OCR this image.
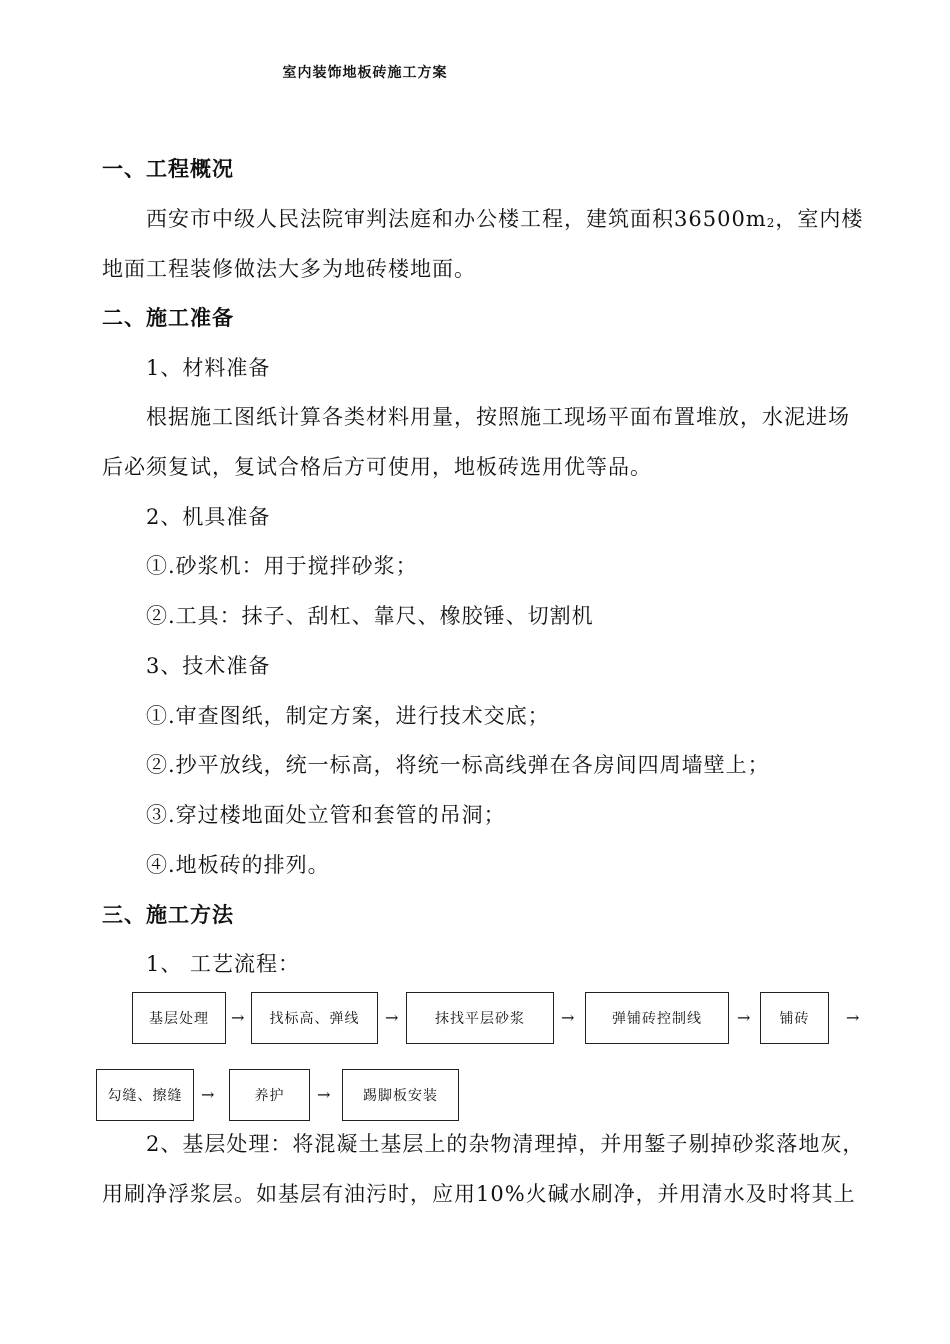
室内装饰地板砖施工方案
一、工程概况
西安市中级人民法院审判法庭和办公楼工程，建筑面积$36500m_2$，室内楼
地面工程装修做法大多为地砖楼地面。
二、施工准备
1、材料准备
根据施工图纸计算各类材料用量，按照施工现场平面布置堆放，水泥进场
后必须复试，复试合格后方可使用，地板砖选用优等品。
2、机具准备
①.砂浆机：用于搅拌砂浆；
②.工具：抹子、刮杠、靠尺、橡胶锤、切割机
3、技术准备
①.审查图纸，制定方案，进行技术交底；
②.抄平放线，统一标高，将统一标高线弹在各房间四周墙壁上；
③.穿过楼地面处立管和套管的吊洞；
④.地板砖的排列。
三、施工方法
1、 工艺流程：
基层处理	→	找标高、弹线	→	抹找平层砂浆	→	弹铺砖控制线	→	铺砖	→
勾缝、擦缝	→	养护	→	踢脚板安装
2、基层处理：将混凝土基层上的杂物清理掉，并用錾子剔掉砂浆落地灰，
用刷净浮浆层。如基层有油污时，应用10%火碱水刷净，并用清水及时将其上
